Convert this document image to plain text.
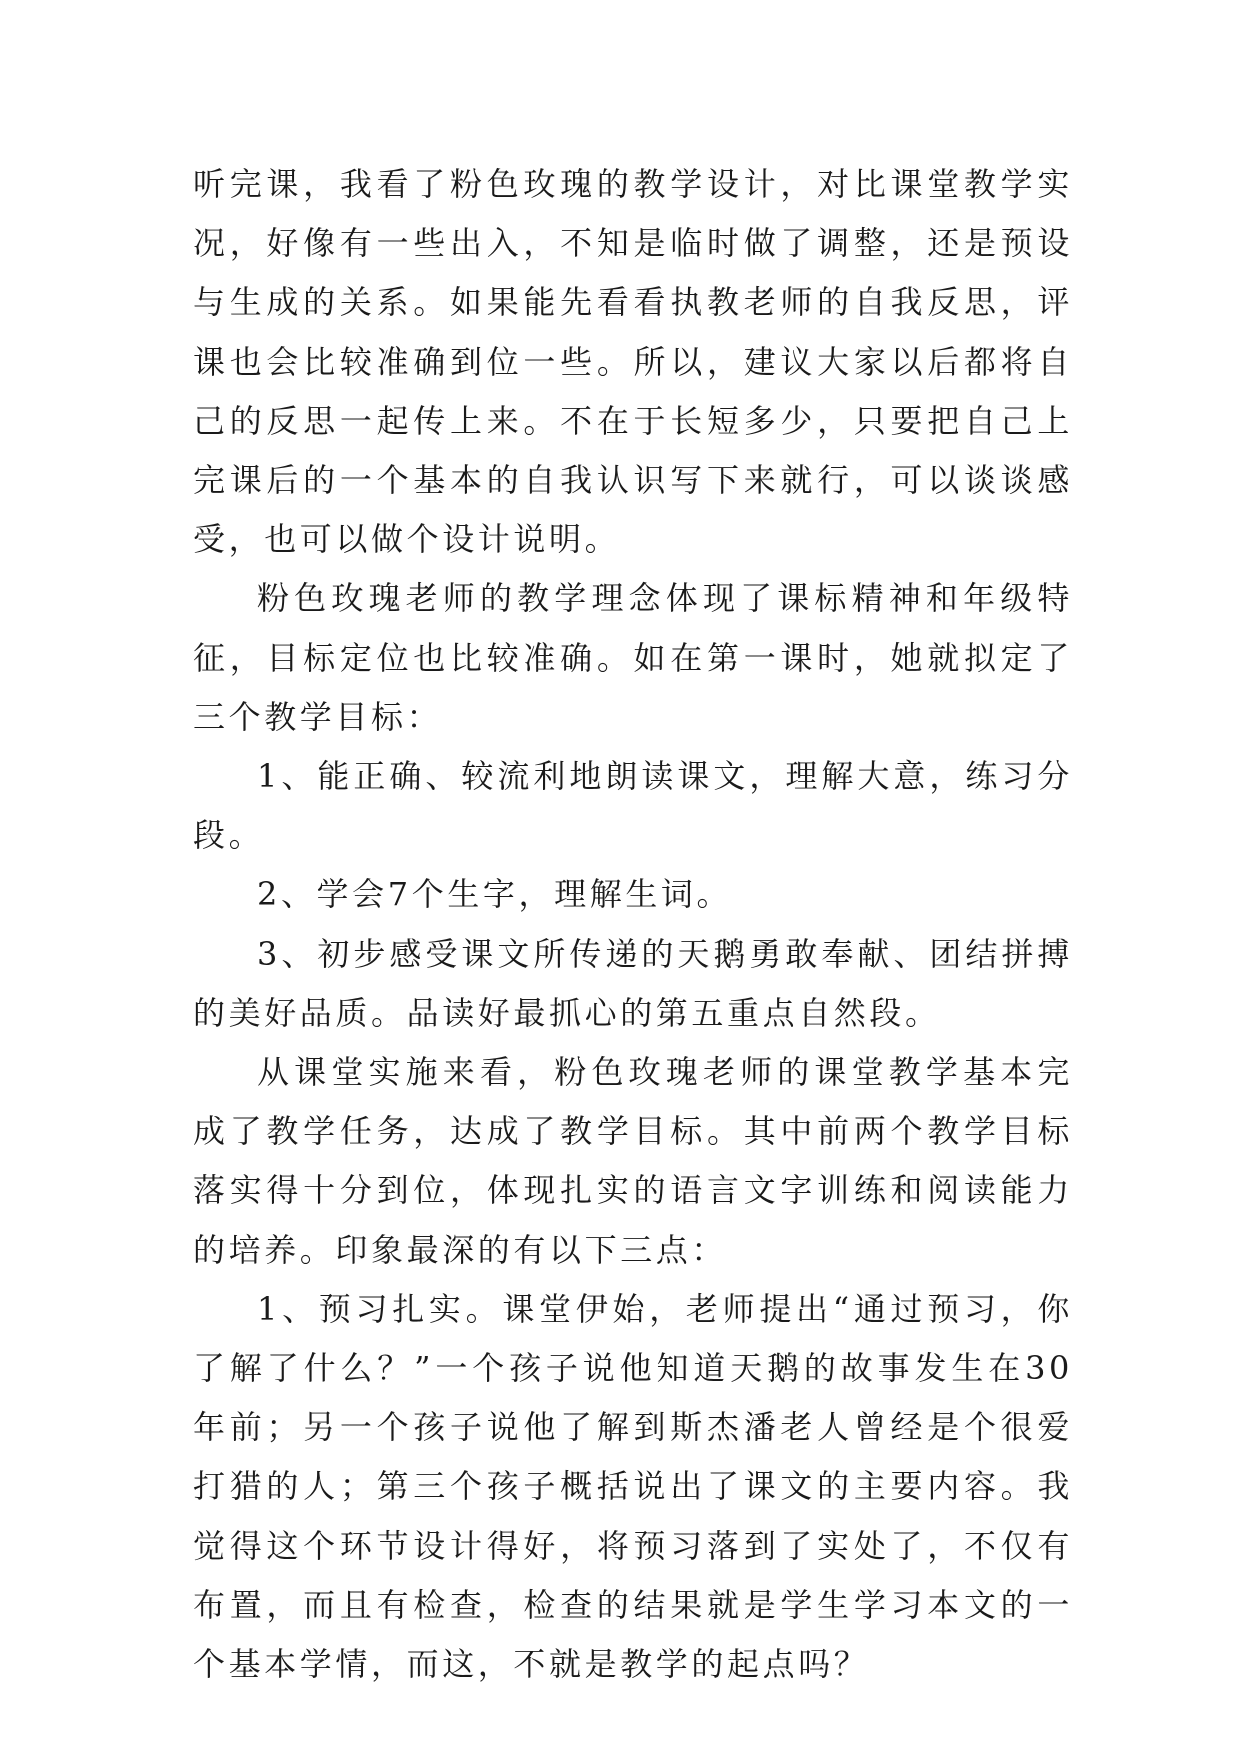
听完课，我看了粉色玫瑰的教学设计，对比课堂教学实况，好像有一些出入，不知是临时做了调整，还是预设与生成的关系。如果能先看看执教老师的自我反思，评课也会比较准确到位一些。所以，建议大家以后都将自己的反思一起传上来。不在于长短多少，只要把自己上完课后的一个基本的自我认识写下来就行，可以谈谈感受，也可以做个设计说明。

粉色玫瑰老师的教学理念体现了课标精神和年级特征，目标定位也比较准确。如在第一课时，她就拟定了三个教学目标：

1、能正确、较流利地朗读课文，理解大意，练习分段。

2、学会7个生字，理解生词。

3、初步感受课文所传递的天鹅勇敢奉献、团结拼搏的美好品质。品读好最抓心的第五重点自然段。

从课堂实施来看，粉色玫瑰老师的课堂教学基本完成了教学任务，达成了教学目标。其中前两个教学目标落实得十分到位，体现扎实的语言文字训练和阅读能力的培养。印象最深的有以下三点：

1、预习扎实。课堂伊始，老师提出“通过预习，你了解了什么？”一个孩子说他知道天鹅的故事发生在30年前；另一个孩子说他了解到斯杰潘老人曾经是个很爱打猎的人；第三个孩子概括说出了课文的主要内容。我觉得这个环节设计得好，将预习落到了实处了，不仅有布置，而且有检查，检查的结果就是学生学习本文的一个基本学情，而这，不就是教学的起点吗？
